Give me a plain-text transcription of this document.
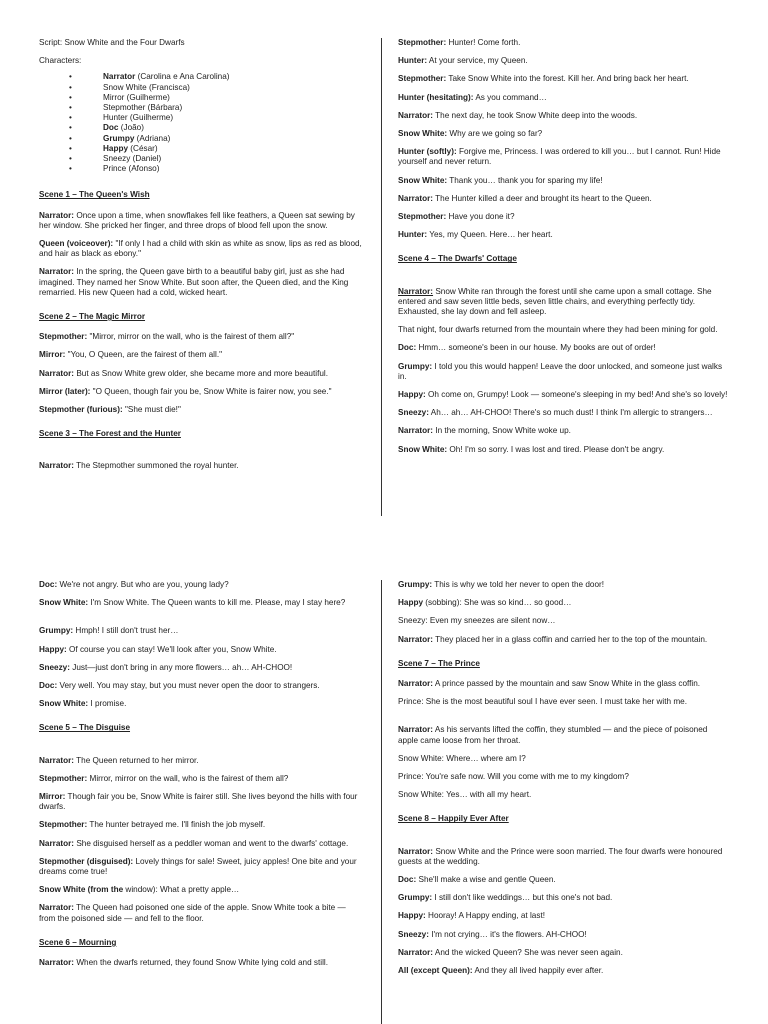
Script: Snow White and the Four Dwarfs

Characters:

• Narrator (Carolina e Ana Carolina)
• Snow White (Francisca)
• Mirror (Guilherme)
• Stepmother (Bárbara)
• Hunter (Guilherme)
• Doc (João)
• Grumpy (Adriana)
• Happy (César)
• Sneezy (Daniel)
• Prince (Afonso)

Scene 1 – The Queen's Wish

Narrator: Once upon a time, when snowflakes fell like feathers, a Queen sat sewing by her window. She pricked her finger, and three drops of blood fell upon the snow.

Queen (voiceover): "If only I had a child with skin as white as snow, lips as red as blood, and hair as black as ebony."

Narrator: In the spring, the Queen gave birth to a beautiful baby girl, just as she had imagined. They named her Snow White. But soon after, the Queen died, and the King remarried. His new Queen had a cold, wicked heart.

Scene 2 – The Magic Mirror

Stepmother: "Mirror, mirror on the wall, who is the fairest of them all?"

Mirror: "You, O Queen, are the fairest of them all."

Narrator: But as Snow White grew older, she became more and more beautiful.

Mirror (later): "O Queen, though fair you be, Snow White is fairer now, you see."

Stepmother (furious): "She must die!"

Scene 3 – The Forest and the Hunter

Narrator: The Stepmother summoned the royal hunter.

Stepmother: Hunter! Come forth.

Hunter: At your service, my Queen.

Stepmother: Take Snow White into the forest. Kill her. And bring back her heart.

Hunter (hesitating): As you command…

Narrator: The next day, he took Snow White deep into the woods.

Snow White: Why are we going so far?

Hunter (softly): Forgive me, Princess. I was ordered to kill you… but I cannot. Run! Hide yourself and never return.

Snow White: Thank you… thank you for sparing my life!

Narrator: The Hunter killed a deer and brought its heart to the Queen.

Stepmother: Have you done it?

Hunter: Yes, my Queen. Here… her heart.

Scene 4 – The Dwarfs' Cottage

Narrator: Snow White ran through the forest until she came upon a small cottage. She entered and saw seven little beds, seven little chairs, and everything perfectly tidy. Exhausted, she lay down and fell asleep.

That night, four dwarfs returned from the mountain where they had been mining for gold.

Doc: Hmm… someone's been in our house. My books are out of order!

Grumpy: I told you this would happen! Leave the door unlocked, and someone just walks in.

Happy: Oh come on, Grumpy! Look — someone's sleeping in my bed! And she's so lovely!

Sneezy: Ah… ah… AH-CHOO! There's so much dust! I think I'm allergic to strangers…

Narrator: In the morning, Snow White woke up.

Snow White: Oh! I'm so sorry. I was lost and tired. Please don't be angry.

Doc: We're not angry. But who are you, young lady?

Snow White: I'm Snow White. The Queen wants to kill me. Please, may I stay here?

Grumpy: Hmph! I still don't trust her…

Happy: Of course you can stay! We'll look after you, Snow White.

Sneezy: Just—just don't bring in any more flowers… ah… AH-CHOO!

Doc: Very well. You may stay, but you must never open the door to strangers.

Snow White: I promise.

Scene 5 – The Disguise

Narrator: The Queen returned to her mirror.

Stepmother: Mirror, mirror on the wall, who is the fairest of them all?

Mirror: Though fair you be, Snow White is fairer still. She lives beyond the hills with four dwarfs.

Stepmother: The hunter betrayed me. I'll finish the job myself.

Narrator: She disguised herself as a peddler woman and went to the dwarfs' cottage.

Stepmother (disguised): Lovely things for sale! Sweet, juicy apples! One bite and your dreams come true!

Snow White (from the window): What a pretty apple…

Narrator: The Queen had poisoned one side of the apple. Snow White took a bite — from the poisoned side — and fell to the floor.

Scene 6 – Mourning

Narrator: When the dwarfs returned, they found Snow White lying cold and still.

Grumpy: This is why we told her never to open the door!

Happy (sobbing): She was so kind… so good…

Sneezy: Even my sneezes are silent now…

Narrator: They placed her in a glass coffin and carried her to the top of the mountain.

Scene 7 – The Prince

Narrator: A prince passed by the mountain and saw Snow White in the glass coffin.

Prince: She is the most beautiful soul I have ever seen. I must take her with me.

Narrator: As his servants lifted the coffin, they stumbled — and the piece of poisoned apple came loose from her throat.

Snow White: Where… where am I?

Prince: You're safe now. Will you come with me to my kingdom?

Snow White: Yes… with all my heart.

Scene 8 – Happily Ever After

Narrator: Snow White and the Prince were soon married. The four dwarfs were honoured guests at the wedding.

Doc: She'll make a wise and gentle Queen.

Grumpy: I still don't like weddings… but this one's not bad.

Happy: Hooray! A Happy ending, at last!

Sneezy: I'm not crying… it's the flowers. AH-CHOO!

Narrator: And the wicked Queen? She was never seen again.

All (except Queen): And they all lived happily ever after.
